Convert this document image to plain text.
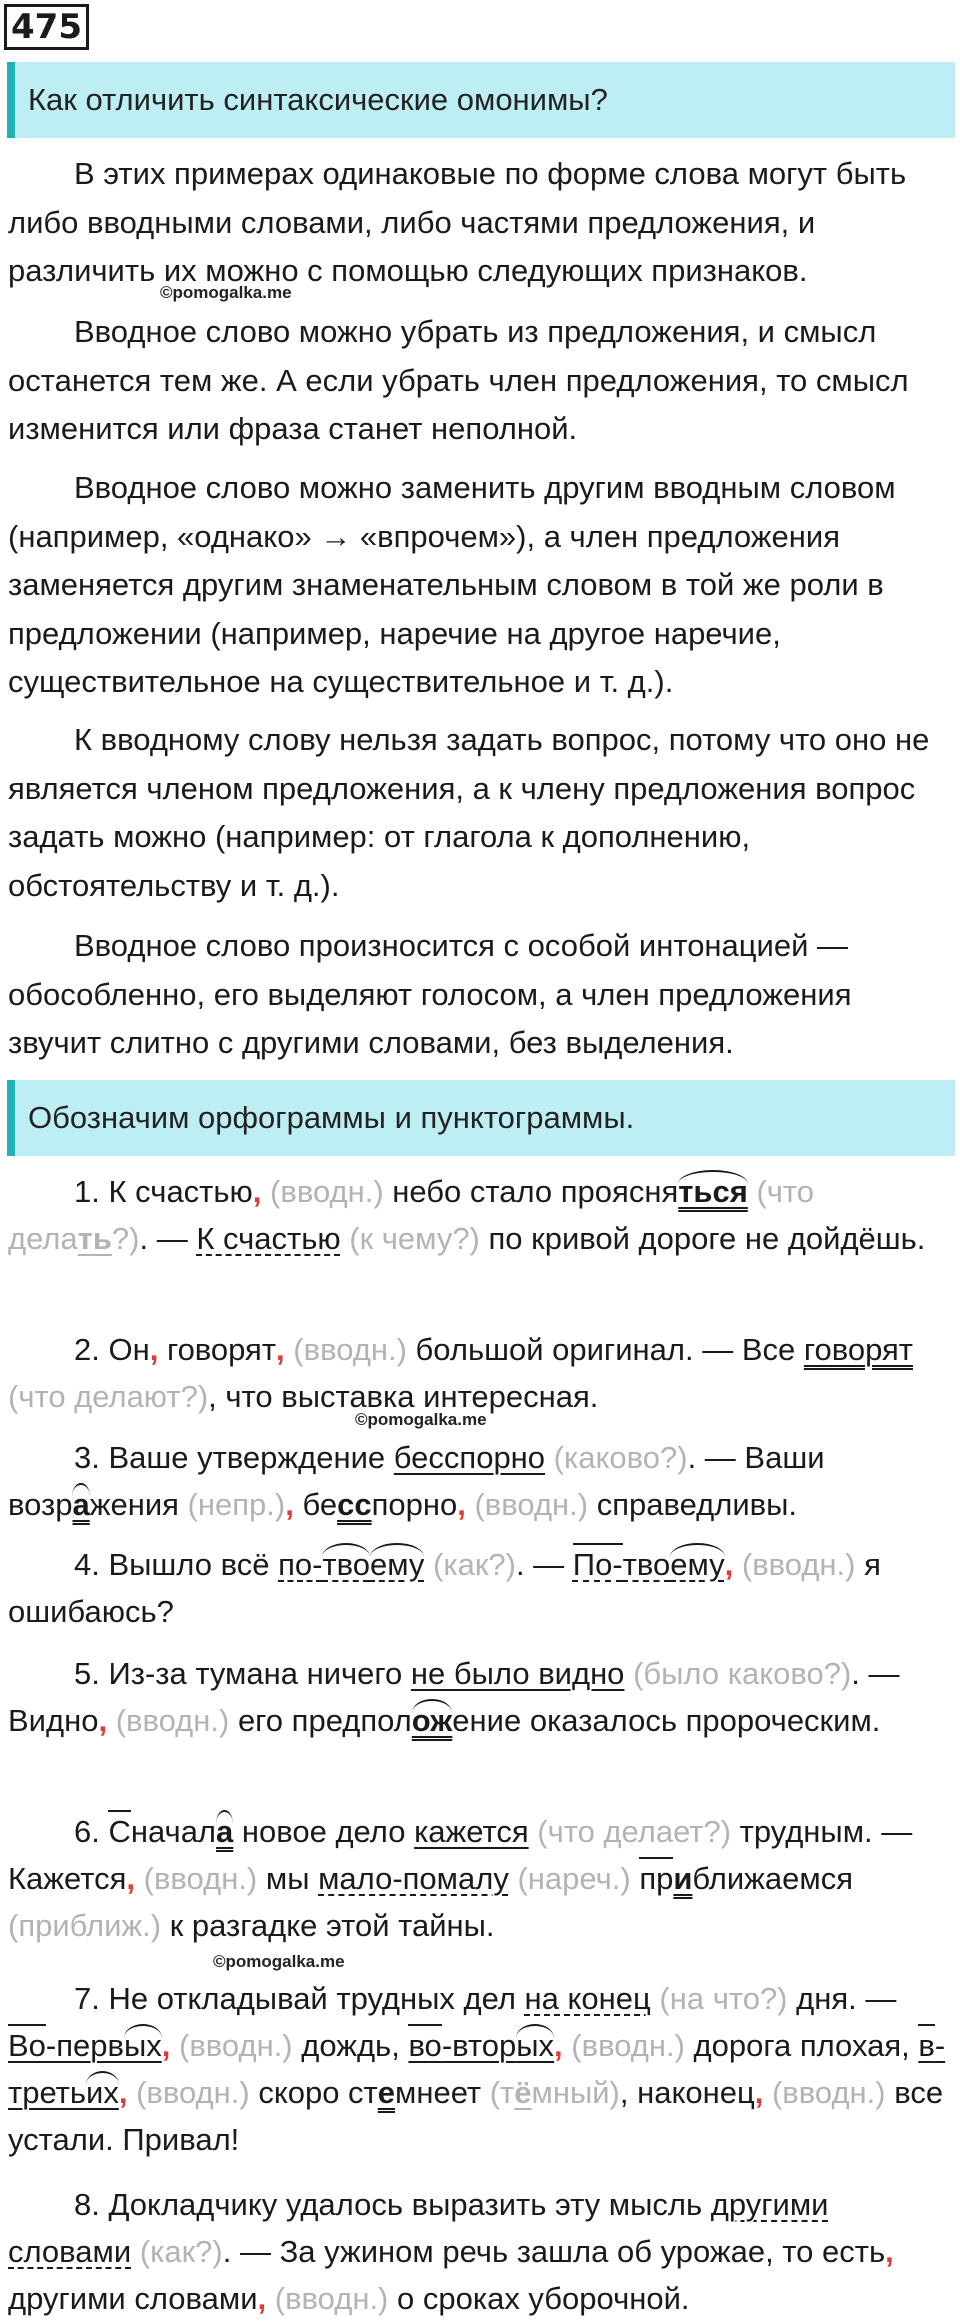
475
Как отличить синтаксические омонимы?

В этих примерах одинаковые по форме слова могут быть либо вводными словами, либо частями предложения, и различить их можно с помощью следующих признаков.

©pomogalka.me

Вводное слово можно убрать из предложения, и смысл останется тем же. А если убрать член предложения, то смысл изменится или фраза станет неполной.

Вводное слово можно заменить другим вводным словом (например, «однако» → «впрочем»), а член предложения заменяется другим знаменательным словом в той же роли в предложении (например, наречие на другое наречие, существительное на существительное и т. д.).

К вводному слову нельзя задать вопрос, потому что оно не является членом предложения, а к члену предложения вопрос задать можно (например: от глагола к дополнению, обстоятельству и т. д.).

Вводное слово произносится с особой интонацией — обособленно, его выделяют голосом, а член предложения звучит слитно с другими словами, без выделения.

Обозначим орфограммы и пунктограммы.

1. К счастью, (вводн.) небо стало проясняться (что делать?). — К счастью (к чему?) по кривой дороге не дойдёшь.

2. Он, говорят, (вводн.) большой оригинал. — Все говорят (что делают?), что выставка интересная.

©pomogalka.me

3. Ваше утверждение бесспорно (каково?). — Ваши возражения (непр.), бесспорно, (вводн.) справедливы.

4. Вышло всё по-твоему (как?). — По-твоему, (вводн.) я ошибаюсь?

5. Из-за тумана ничего не было видно (было каково?). — Видно, (вводн.) его предположение оказалось пророческим.

6. Сначала новое дело кажется (что делает?) трудным. — Кажется, (вводн.) мы мало-помалу (нареч.) приближаемся (приближ.) к разгадке этой тайны.

©pomogalka.me

7. Не откладывай трудных дел на конец (на что?) дня. — Во-первых, (вводн.) дождь, во-вторых, (вводн.) дорога плохая, в-третьих, (вводн.) скоро стемнеет (тёмный), наконец, (вводн.) все устали. Привал!

8. Докладчику удалось выразить эту мысль другими словами (как?). — За ужином речь зашла об урожае, то есть, другими словами, (вводн.) о сроках уборочной.
